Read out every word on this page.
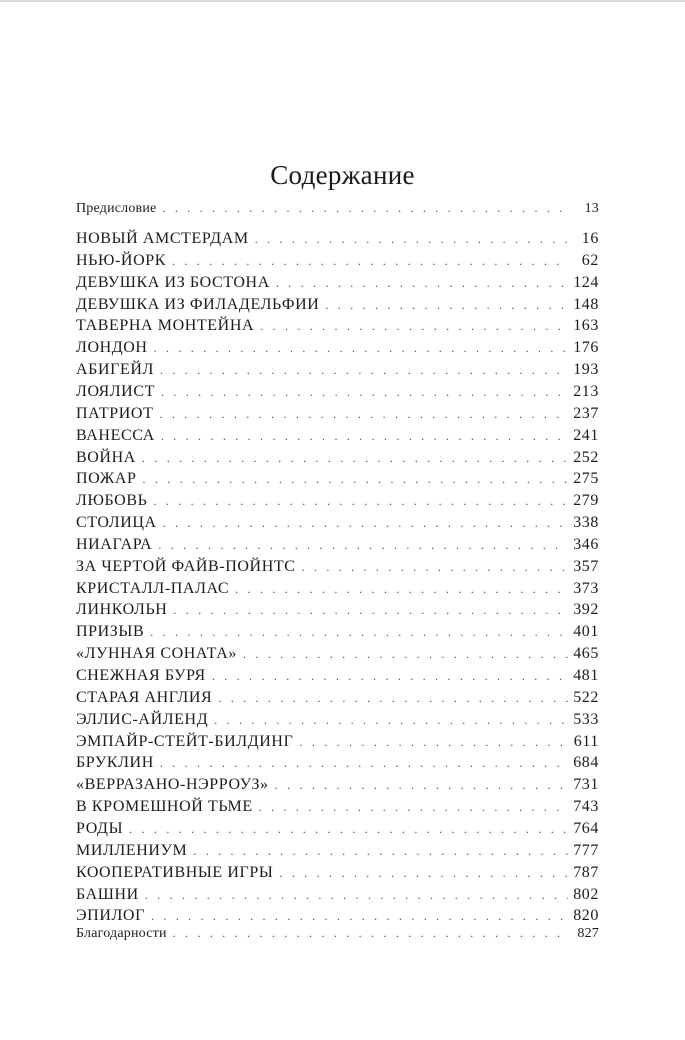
Содержание
Предисловие . . .	13
НОВЫЙ АМСТЕРДАМ . . .	16
НЬЮ-ЙОРК . . .	62
ДЕВУШКА ИЗ БОСТОНА . . .	124
ДЕВУШКА ИЗ ФИЛАДЕЛЬФИИ . . .	148
ТАВЕРНА МОНТЕЙНА . . .	163
ЛОНДОН . . .	176
АБИГЕЙЛ . . .	193
ЛОЯЛИСТ . . .	213
ПАТРИОТ . . .	237
ВАНЕССА . . .	241
ВОЙНА . . .	252
ПОЖАР . . .	275
ЛЮБОВЬ . . .	279
СТОЛИЦА . . .	338
НИАГАРА . . .	346
ЗА ЧЕРТОЙ ФАЙВ-ПОЙНТС . . .	357
КРИСТАЛЛ-ПАЛАС . . .	373
ЛИНКОЛЬН . . .	392
ПРИЗЫВ . . .	401
«ЛУННАЯ СОНАТА» . . .	465
СНЕЖНАЯ БУРЯ . . .	481
СТАРАЯ АНГЛИЯ . . .	522
ЭЛЛИС-АЙЛЕНД . . .	533
ЭМПАЙР-СТЕЙТ-БИЛДИНГ . . .	611
БРУКЛИН . . .	684
«ВЕРРАЗАНО-НЭРРОУЗ» . . .	731
В КРОМЕШНОЙ ТЬМЕ . . .	743
РОДЫ . . .	764
МИЛЛЕНИУМ . . .	777
КООПЕРАТИВНЫЕ ИГРЫ . . .	787
БАШНИ . . .	802
ЭПИЛОГ . . .	820
Благодарности . . .	827
